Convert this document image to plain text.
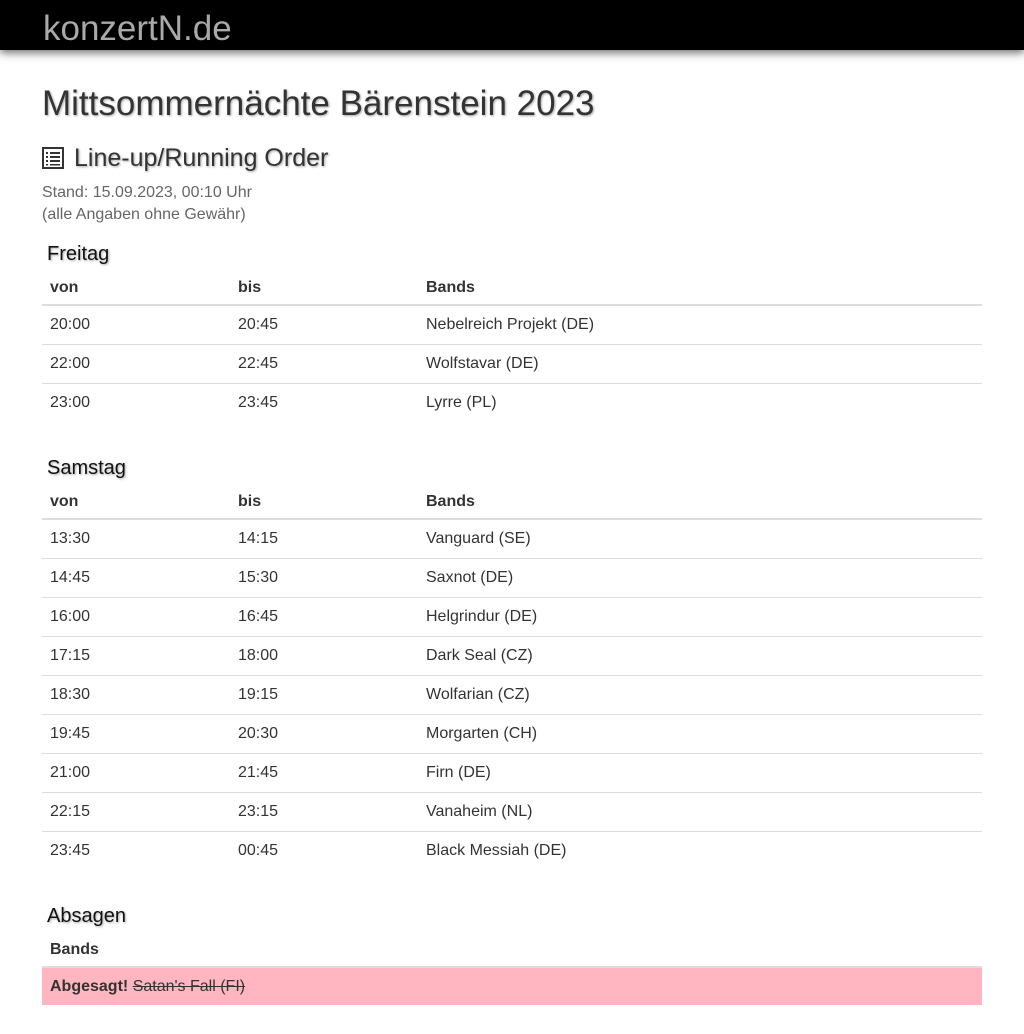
konzertN.de
Mittsommernächte Bärenstein 2023
Line-up/Running Order
Stand: 15.09.2023, 00:10 Uhr
(alle Angaben ohne Gewähr)
Freitag
von	bis	Bands
20:00	20:45	Nebelreich Projekt (DE)
22:00	22:45	Wolfstavar (DE)
23:00	23:45	Lyrre (PL)
Samstag
von	bis	Bands
13:30	14:15	Vanguard (SE)
14:45	15:30	Saxnot (DE)
16:00	16:45	Helgrindur (DE)
17:15	18:00	Dark Seal (CZ)
18:30	19:15	Wolfarian (CZ)
19:45	20:30	Morgarten (CH)
21:00	21:45	Firn (DE)
22:15	23:15	Vanaheim (NL)
23:45	00:45	Black Messiah (DE)
Absagen
Bands
Abgesagt! Satan's Fall (FI)
